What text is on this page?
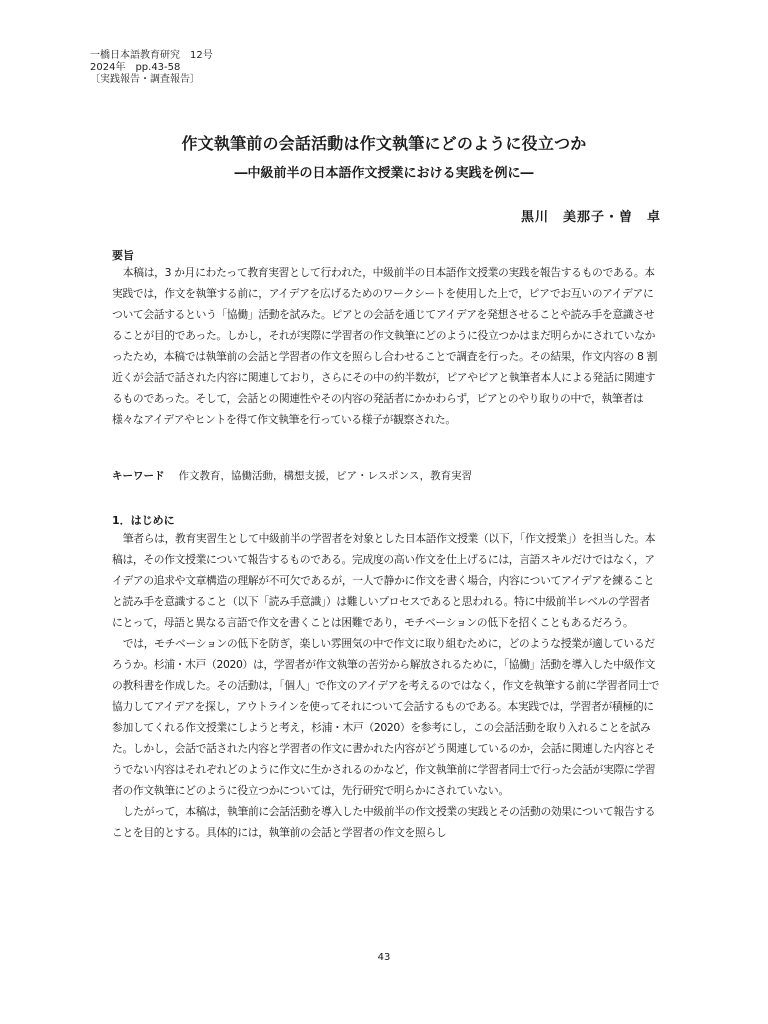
一橋日本語教育研究　12号
2024年　pp.43-58
〔実践報告・調査報告〕
作文執筆前の会話活動は作文執筆にどのように役立つか
―中級前半の日本語作文授業における実践を例に―
黒川　美那子・曽　卓
要旨

本稿は，3 か月にわたって教育実習として行われた，中級前半の日本語作文授業の実践を報告するものである。本実践では，作文を執筆する前に，アイデアを広げるためのワークシートを使用した上で，ピアでお互いのアイデアについて会話するという「協働」活動を試みた。ピアとの会話を通じてアイデアを発想させることや読み手を意識させることが目的であった。しかし，それが実際に学習者の作文執筆にどのように役立つかはまだ明らかにされていなかったため，本稿では執筆前の会話と学習者の作文を照らし合わせることで調査を行った。その結果，作文内容の 8 割近くが会話で話された内容に関連しており，さらにその中の約半数が，ピアやピアと執筆者本人による発話に関連するものであった。そして，会話との関連性やその内容の発話者にかかわらず，ピアとのやり取りの中で，執筆者は様々なアイデアやヒントを得て作文執筆を行っている様子が観察された。

キーワード 作文教育，協働活動，構想支援，ピア・レスポンス，教育実習
1．はじめに

筆者らは，教育実習生として中級前半の学習者を対象とした日本語作文授業（以下，「作文授業」）を担当した。本稿は，その作文授業について報告するものである。完成度の高い作文を仕上げるには，言語スキルだけではなく，アイデアの追求や文章構造の理解が不可欠であるが，一人で静かに作文を書く場合，内容についてアイデアを練ることと読み手を意識すること（以下「読み手意識」）は難しいプロセスであると思われる。特に中級前半レベルの学習者にとって，母語と異なる言語で作文を書くことは困難であり，モチベーションの低下を招くこともあるだろう。

では，モチベーションの低下を防ぎ，楽しい雰囲気の中で作文に取り組むために，どのような授業が適しているだろうか。杉浦・木戸（2020）は，学習者が作文執筆の苦労から解放されるために，「協働」活動を導入した中級作文の教科書を作成した。その活動は，「個人」で作文のアイデアを考えるのではなく，作文を執筆する前に学習者同士で協力してアイデアを探し，アウトラインを使ってそれについて会話するものである。本実践では，学習者が積極的に参加してくれる作文授業にしようと考え，杉浦・木戸（2020）を参考にし，この会話活動を取り入れることを試みた。しかし，会話で話された内容と学習者の作文に書かれた内容がどう関連しているのか，会話に関連した内容とそうでない内容はそれぞれどのように作文に生かされるのかなど，作文執筆前に学習者同士で行った会話が実際に学習者の作文執筆にどのように役立つかについては，先行研究で明らかにされていない。

したがって，本稿は，執筆前に会話活動を導入した中級前半の作文授業の実践とその活動の効果について報告することを目的とする。具体的には，執筆前の会話と学習者の作文を照らし

43
